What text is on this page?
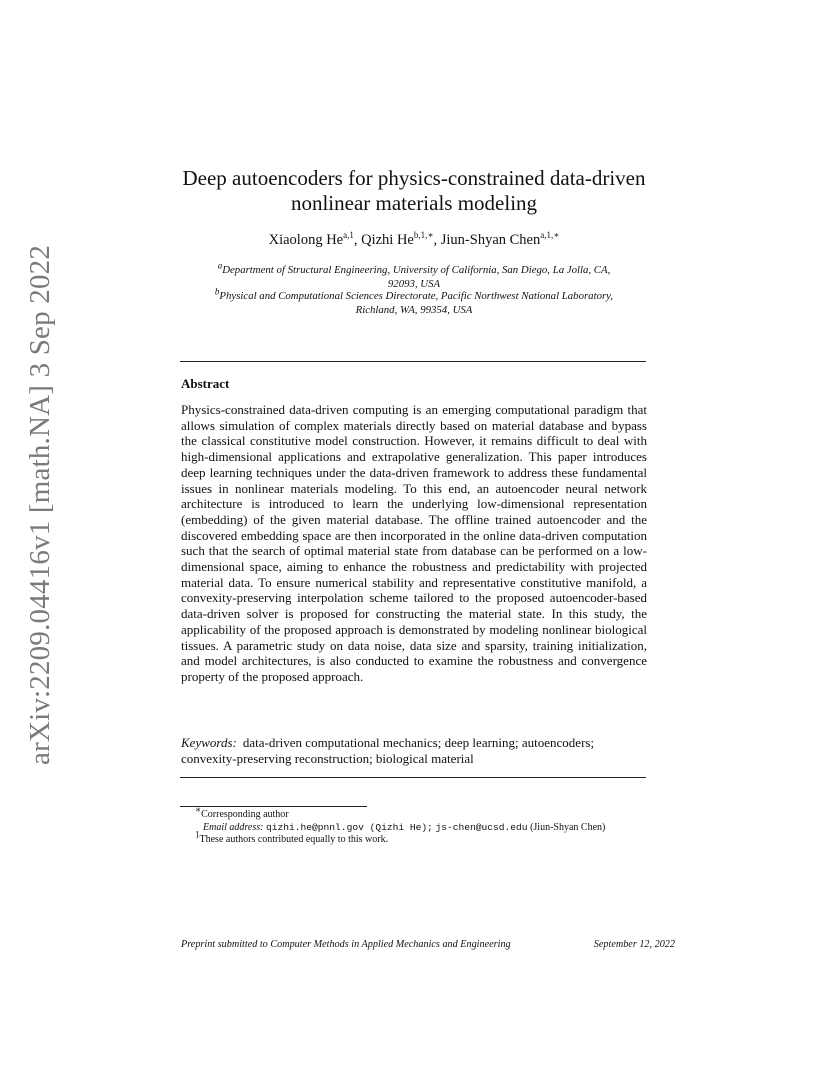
arXiv:2209.04416v1 [math.NA] 3 Sep 2022
Deep autoencoders for physics-constrained data-driven
nonlinear materials modeling
Xiaolong He$^{a,1}$, Qizhi $He^{b,1,∗}$, Jiun-Shyan Chen$^{a,1,∗}$
$^a$Department of Structural Engineering, University of California, San Diego, La Jolla, CA,
92093, USA
$^b$Physical and Computational Sciences Directorate, Pacific Northwest National Laboratory,
Richland, WA, 99354, USA
Abstract
Physics-constrained data-driven computing is an emerging computational paradigm that allows simulation of complex materials directly based on material database and bypass the classical constitutive model construction. However, it remains difficult to deal with high-dimensional applications and extrapolative generalization. This paper introduces deep learning techniques under the data-driven framework to address these fundamental issues in nonlinear materials modeling. To this end, an autoencoder neural network architecture is introduced to learn the underlying low-dimensional representation (embedding) of the given material database. The offline trained autoencoder and the discovered embedding space are then incorporated in the online data-driven computation such that the search of optimal material state from database can be performed on a low-dimensional space, aiming to enhance the robustness and predictability with projected material data. To ensure numerical stability and representative constitutive manifold, a convexity-preserving interpolation scheme tailored to the proposed autoencoder-based data-driven solver is proposed for constructing the material state. In this study, the applicability of the proposed approach is demonstrated by modeling nonlinear biological tissues. A parametric study on data noise, data size and sparsity, training initialization, and model architectures, is also conducted to examine the robustness and convergence property of the proposed approach.
Keywords: data-driven computational mechanics; deep learning; autoencoders; convexity-preserving reconstruction; biological material
∗Corresponding author
Email address: qizhi.he@pnnl.gov (Qizhi He); js-chen@ucsd.edu (Jiun-Shyan Chen)
$^1$These authors contributed equally to this work.
Preprint submitted to Computer Methods in Applied Mechanics and Engineering	September 12, 2022
